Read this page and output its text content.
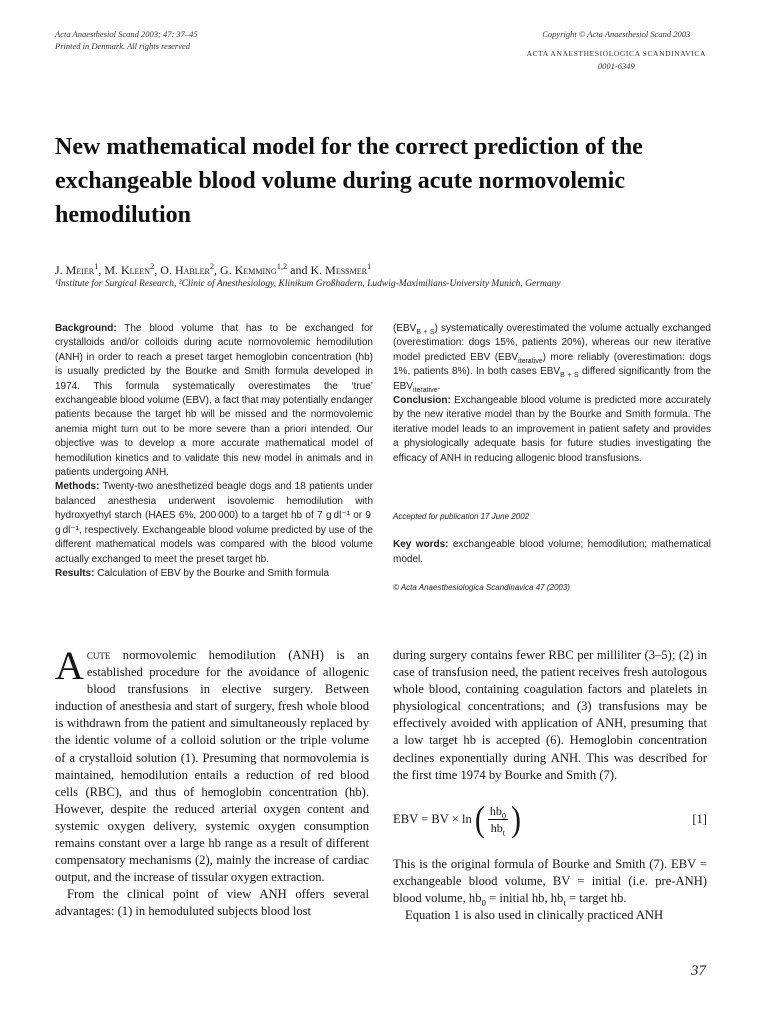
Acta Anaesthesiol Scand 2003; 47: 37–45
Printed in Denmark. All rights reserved
Copyright © Acta Anaesthesiol Scand 2003
ACTA ANAESTHESIOLOGICA SCANDINAVICA
0001-6349
New mathematical model for the correct prediction of the exchangeable blood volume during acute normovolemic hemodilution
J. Meier$^1$, M. Kleen$^2$, O. Habler$^2$, G. Kemming$^{1,2}$ and K. Messmer$^1$
¹Institute for Surgical Research, ²Clinic of Anesthesiology, Klinikum Großhadern, Ludwig-Maximilians-University Munich, Germany

Background: The blood volume that has to be exchanged for crystalloids and/or colloids during acute normovolemic hemodilution (ANH) in order to reach a preset target hemoglobin concentration (hb) is usually predicted by the Bourke and Smith formula developed in 1974. This formula systematically overestimates the ‘true’ exchangeable blood volume (EBV), a fact that may potentially endanger patients because the target hb will be missed and the normovolemic anemia might turn out to be more severe than a priori intended. Our objective was to develop a more accurate mathematical model of hemodilution kinetics and to validate this new model in animals and in patients undergoing ANH.

Methods: Twenty-two anesthetized beagle dogs and 18 patients under balanced anesthesia underwent isovolemic hemodilution with hydroxyethyl starch (HAES 6%, 200 000) to a target hb of 7 g dl⁻¹ or 9 g dl⁻¹, respectively. Exchangeable blood volume predicted by use of the different mathematical models was compared with the blood volume actually exchanged to meet the preset target hb.

Results: Calculation of EBV by the Bourke and Smith formula

$(EBV_{B + S})$ systematically overestimated the volume actually exchanged (overestimation: dogs 15%, patients 20%), whereas our new iterative model predicted EBV $(EBV_{iterative})$ more reliably (overestimation: dogs 1%, patients 8%). In both cases $EBV_{B + S}$ differed significantly from the $EBV_{iterative}$.

Conclusion: Exchangeable blood volume is predicted more accurately by the new iterative model than by the Bourke and Smith formula. The iterative model leads to an improvement in patient safety and provides a physiologically adequate basis for future studies investigating the efficacy of ANH in reducing allogenic blood transfusions.

Accepted for publication 17 June 2002

Key words: exchangeable blood volume; hemodilution; mathematical model.

© Acta Anaesthesiologica Scandinavica 47 (2003)

Acute normovolemic hemodilution (ANH) is an established procedure for the avoidance of allogenic blood transfusions in elective surgery. Between induction of anesthesia and start of surgery, fresh whole blood is withdrawn from the patient and simultaneously replaced by the identic volume of a colloid solution or the triple volume of a crystalloid solution (1). Presuming that normovolemia is maintained, hemodilution entails a reduction of red blood cells (RBC), and thus of hemoglobin concentration (hb). However, despite the reduced arterial oxygen content and systemic oxygen delivery, systemic oxygen consumption remains constant over a large hb range as a result of different compensatory mechanisms (2), mainly the increase of cardiac output, and the increase of tissular oxygen extraction.

From the clinical point of view ANH offers several advantages: (1) in hemoduluted subjects blood lost

during surgery contains fewer RBC per milliliter (3–5); (2) in case of transfusion need, the patient receives fresh autologous whole blood, containing coagulation factors and platelets in physiological concentrations; and (3) transfusions may be effectively avoided with application of ANH, presuming that a low target hb is accepted (6). Hemoglobin concentration declines exponentially during ANH. This was described for the first time 1974 by Bourke and Smith (7).

EBV = BV × ln ( $\frac{hb_0}{hb_t}$ )	[1]

This is the original formula of Bourke and Smith (7). EBV = exchangeable blood volume, BV = initial (i.e. pre-ANH) blood volume, $hb_0$ = initial hb, $hb_t$ = target hb.

Equation 1 is also used in clinically practiced ANH

37
